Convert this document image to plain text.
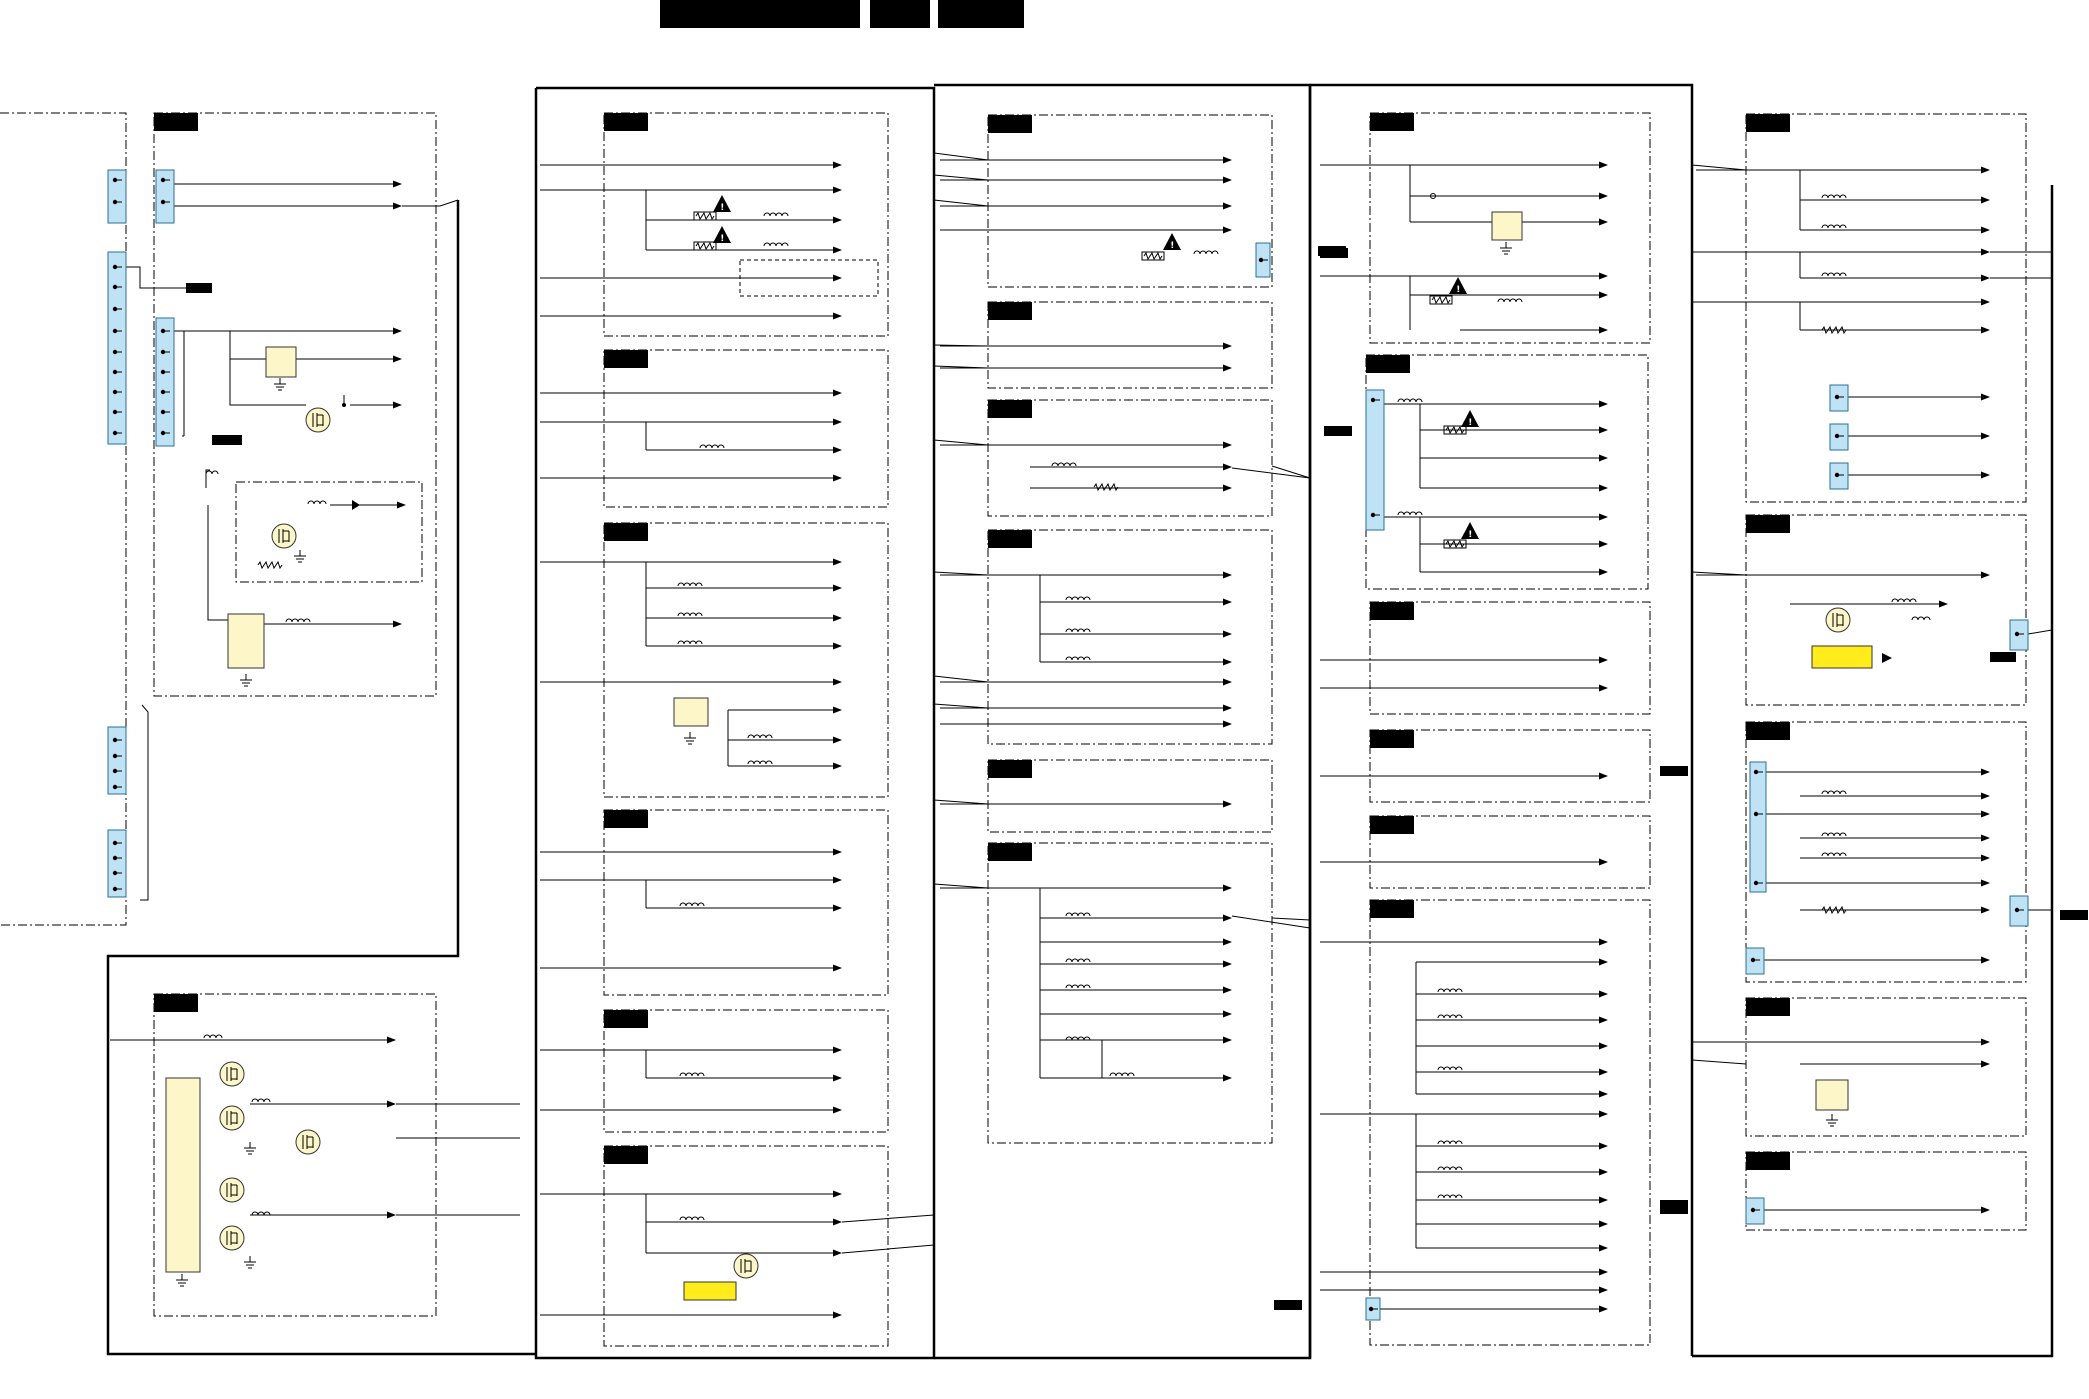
!
!
!
!
!
!
